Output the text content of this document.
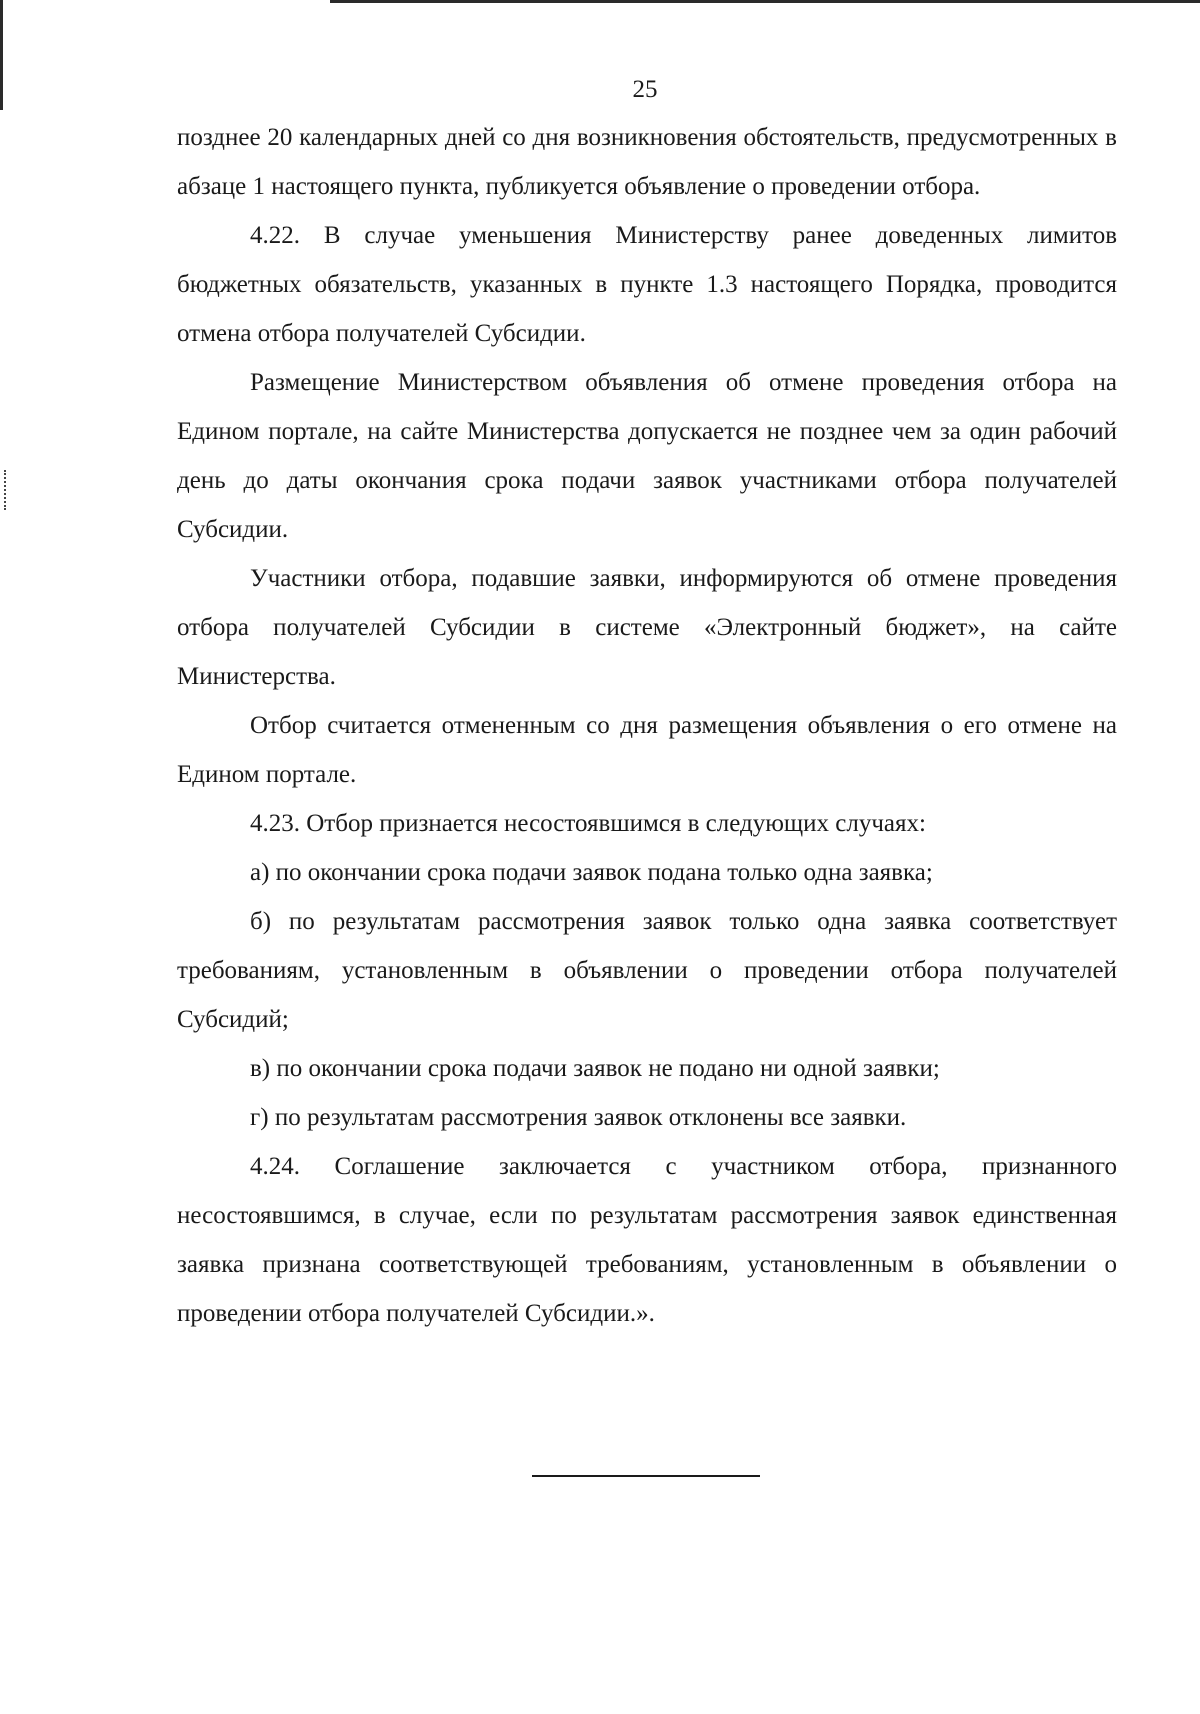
25

позднее 20 календарных дней со дня возникновения обстоятельств, предусмотренных в абзаце 1 настоящего пункта, публикуется объявление о проведении отбора.

4.22. В случае уменьшения Министерству ранее доведенных лимитов бюджетных обязательств, указанных в пункте 1.3 настоящего Порядка, проводится отмена отбора получателей Субсидии.

Размещение Министерством объявления об отмене проведения отбора на Едином портале, на сайте Министерства допускается не позднее чем за один рабочий день до даты окончания срока подачи заявок участниками отбора получателей Субсидии.

Участники отбора, подавшие заявки, информируются об отмене проведения отбора получателей Субсидии в системе «Электронный бюджет», на сайте Министерства.

Отбор считается отмененным со дня размещения объявления о его отмене на Едином портале.

4.23. Отбор признается несостоявшимся в следующих случаях:

а) по окончании срока подачи заявок подана только одна заявка;

б) по результатам рассмотрения заявок только одна заявка соответствует требованиям, установленным в объявлении о проведении отбора получателей Субсидий;

в) по окончании срока подачи заявок не подано ни одной заявки;

г) по результатам рассмотрения заявок отклонены все заявки.

4.24. Соглашение заключается с участником отбора, признанного несостоявшимся, в случае, если по результатам рассмотрения заявок единственная заявка признана соответствующей требованиям, установленным в объявлении о проведении отбора получателей Субсидии.».
